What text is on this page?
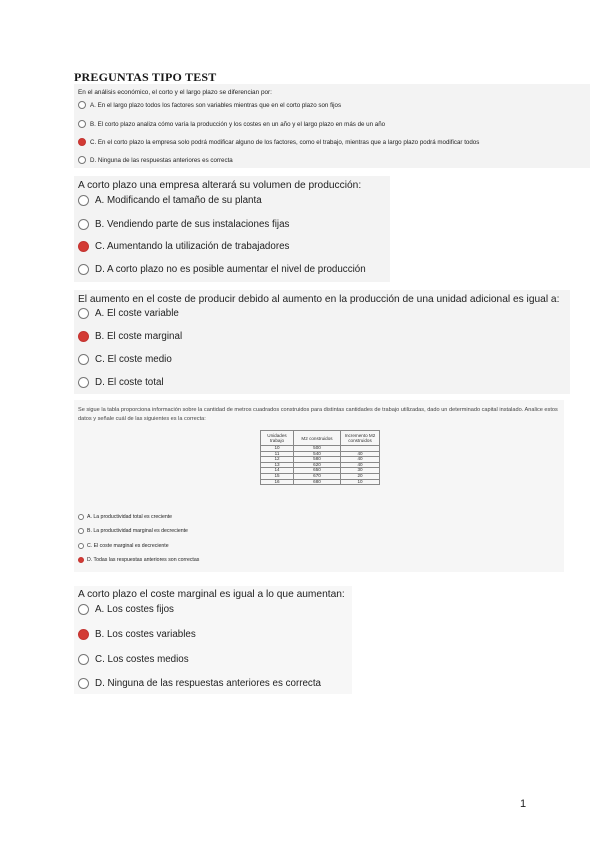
PREGUNTAS TIPO TEST
En el análisis económico, el corto y el largo plazo se diferencian por:
A. En el largo plazo todos los factores son variables mientras que en el corto plazo son fijos
B. El corto plazo analiza cómo varía la producción y los costes en un año y el largo plazo en más de un año
C. En el corto plazo la empresa solo podrá modificar alguno de los factores, como el trabajo, mientras que a largo plazo podrá modificar todos
D. Ninguna de las respuestas anteriores es correcta
A corto plazo una empresa alterará su volumen de producción:
A. Modificando el tamaño de su planta
B. Vendiendo parte de sus instalaciones fijas
C. Aumentando la utilización de trabajadores
D. A corto plazo no es posible aumentar el nivel de producción
El aumento en el coste de producir debido al aumento en la producción de una unidad adicional es igual a:
A. El coste variable
B. El coste marginal
C. El coste medio
D. El coste total
Se sigue la tabla proporciona información sobre la cantidad de metros cuadrados construidos para distintas cantidades de trabajo utilizadas, dado un determinado capital instalado. Analice estos datos y señale cuál de las siguientes es la correcta:
Unidades trabajo	M2 construidos	Incremento M2 construidos
10	500	
11	540	40
12	580	40
13	620	40
14	650	30
15	670	20
16	680	10
A. La productividad total es creciente
B. La productividad marginal es decreciente
C. El coste marginal es decreciente
D. Todas las respuestas anteriores son correctas
A corto plazo el coste marginal es igual a lo que aumentan:
A. Los costes fijos
B. Los costes variables
C. Los costes medios
D. Ninguna de las respuestas anteriores es correcta
1
